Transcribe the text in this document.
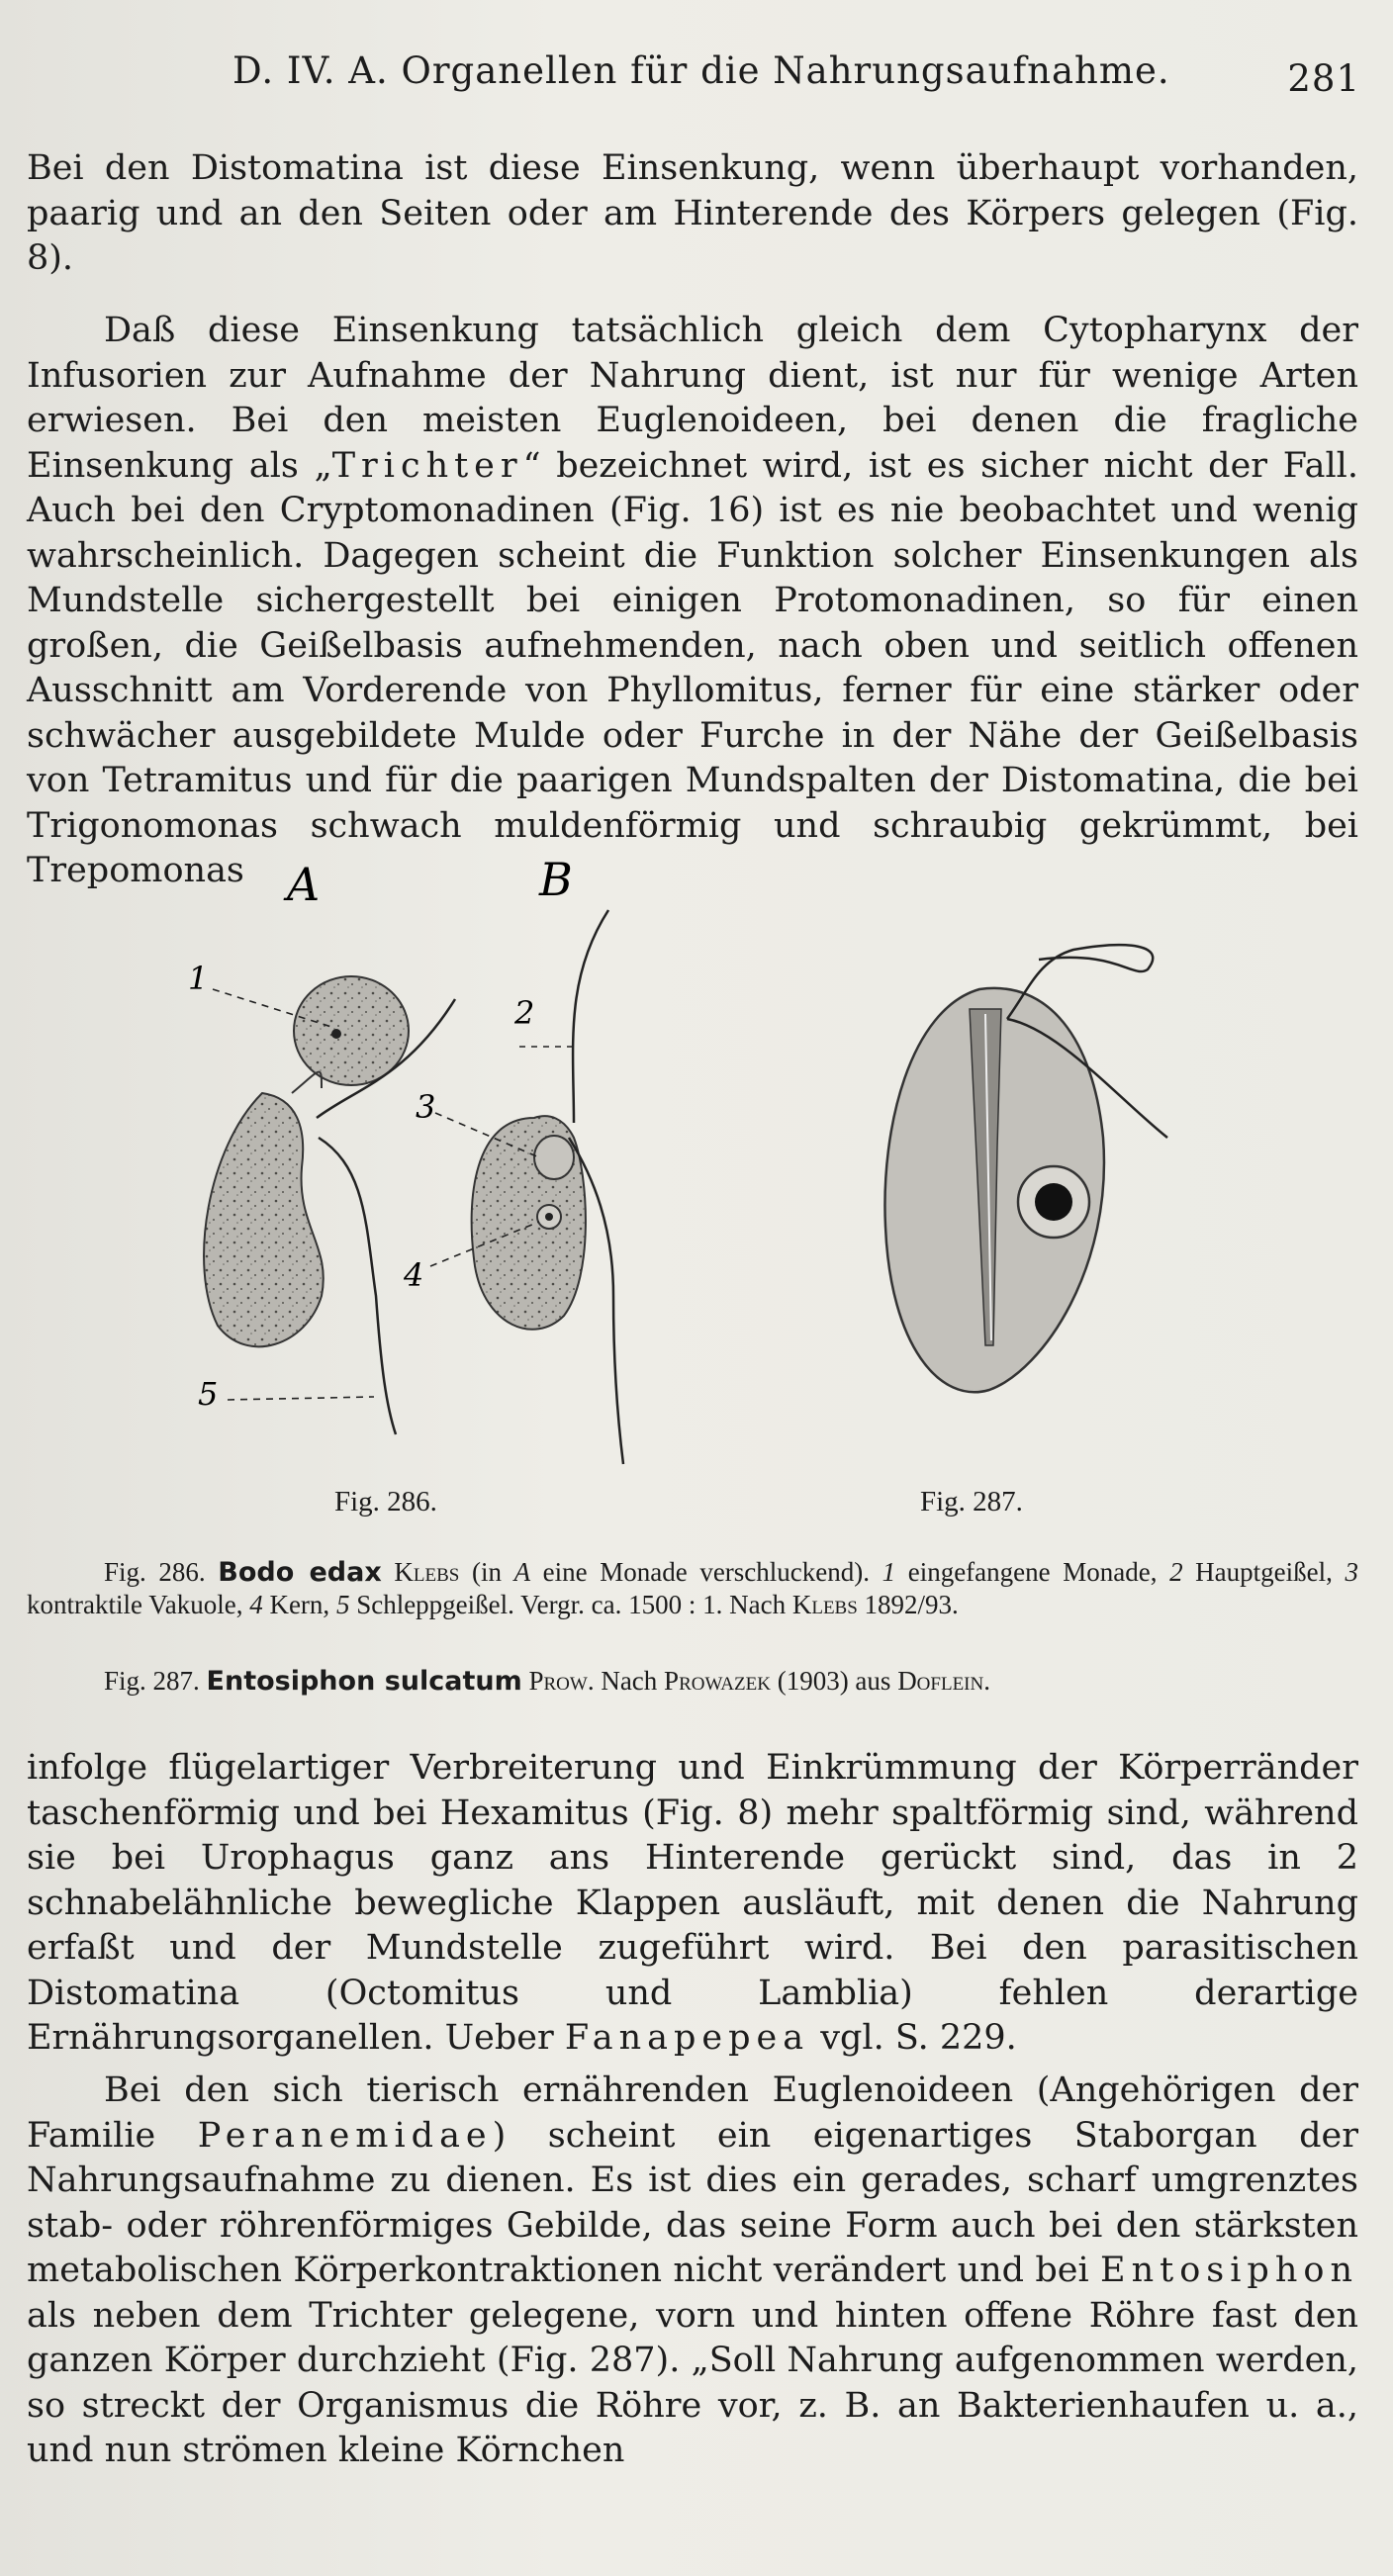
D. IV. A. Organellen für die Nahrungsaufnahme.	281

Bei den Distomatina ist diese Einsenkung, wenn überhaupt vorhanden, paarig und an den Seiten oder am Hinterende des Körpers gelegen (Fig. 8).

Daß diese Einsenkung tatsächlich gleich dem Cytopharynx der Infusorien zur Aufnahme der Nahrung dient, ist nur für wenige Arten erwiesen. Bei den meisten Euglenoideen, bei denen die fragliche Einsenkung als „Trichter“ bezeichnet wird, ist es sicher nicht der Fall. Auch bei den Cryptomonadinen (Fig. 16) ist es nie beobachtet und wenig wahrscheinlich. Dagegen scheint die Funktion solcher Einsenkungen als Mundstelle sichergestellt bei einigen Protomonadinen, so für einen großen, die Geißelbasis aufnehmenden, nach oben und seitlich offenen Ausschnitt am Vorderende von Phyllomitus, ferner für eine stärker oder schwächer ausgebildete Mulde oder Furche in der Nähe der Geißelbasis von Tetramitus und für die paarigen Mundspalten der Distomatina, die bei Trigonomonas schwach muldenförmig und schraubig gekrümmt, bei Trepomonas A
1
5
B
2
3
4
Fig. 286.	Fig. 287.
Fig. 286. Bodo edax Klebs (in A eine Monade verschluckend). 1 eingefangene Monade, 2 Hauptgeißel, 3 kontraktile Vakuole, 4 Kern, 5 Schleppgeißel. Vergr. ca. 1500 : 1. Nach Klebs 1892/93.
Fig. 287. Entosiphon sulcatum Prow. Nach Prowazek (1903) aus Doflein.

infolge flügelartiger Verbreiterung und Einkrümmung der Körperränder taschenförmig und bei Hexamitus (Fig. 8) mehr spaltförmig sind, während sie bei Urophagus ganz ans Hinterende gerückt sind, das in 2 schnabelähnliche bewegliche Klappen ausläuft, mit denen die Nahrung erfaßt und der Mundstelle zugeführt wird. Bei den parasitischen Distomatina (Octomitus und Lamblia) fehlen derartige Ernährungsorganellen. Ueber Fanapepea vgl. S. 229.

Bei den sich tierisch ernährenden Euglenoideen (Angehörigen der Familie Peranemidae) scheint ein eigenartiges Staborgan der Nahrungsaufnahme zu dienen. Es ist dies ein gerades, scharf umgrenztes stab- oder röhrenförmiges Gebilde, das seine Form auch bei den stärksten metabolischen Körperkontraktionen nicht verändert und bei Entosiphon als neben dem Trichter gelegene, vorn und hinten offene Röhre fast den ganzen Körper durchzieht (Fig. 287). „Soll Nahrung aufgenommen werden, so streckt der Organismus die Röhre vor, z. B. an Bakterienhaufen u. a., und nun strömen kleine Körnchen
